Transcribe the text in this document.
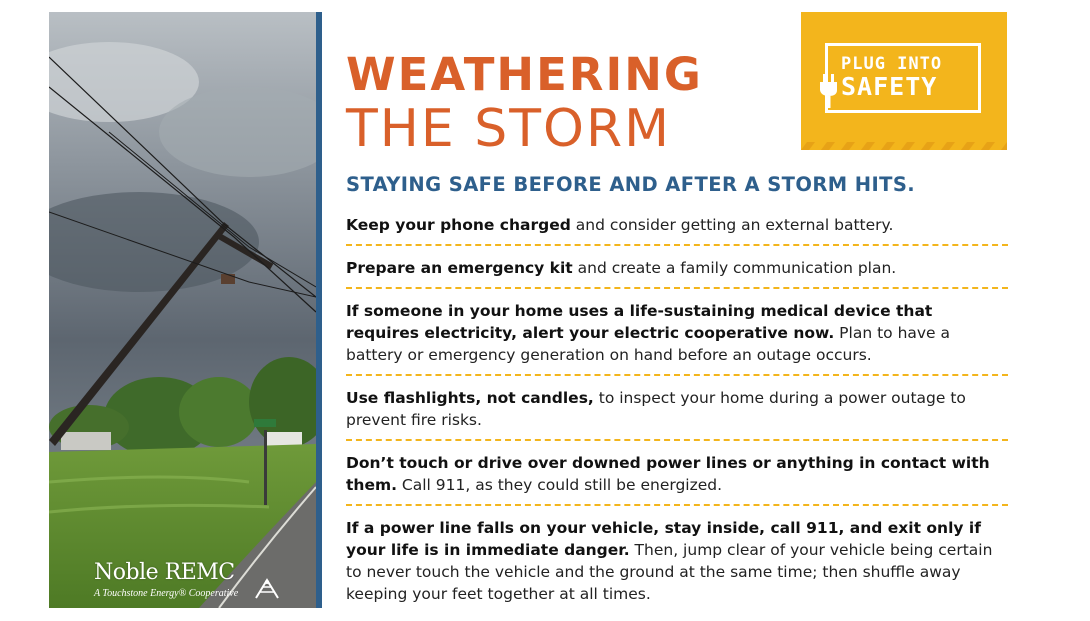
Noble REMC
A Touchstone Energy® Cooperative
WEATHERING
THE STORM
PLUG INTO
SAFETY
STAYING SAFE BEFORE AND AFTER A STORM HITS.
Keep your phone charged and consider getting an external battery.
Prepare an emergency kit and create a family communication plan.
If someone in your home uses a life-sustaining medical device that requires electricity, alert your electric cooperative now. Plan to have a battery or emergency generation on hand before an outage occurs.
Use flashlights, not candles, to inspect your home during a power outage to prevent fire risks.
Don’t touch or drive over downed power lines or anything in contact with them. Call 911, as they could still be energized.
If a power line falls on your vehicle, stay inside, call 911, and exit only if your life is in immediate danger. Then, jump clear of your vehicle being certain to never touch the vehicle and the ground at the same time; then shuffle away keeping your feet together at all times.
